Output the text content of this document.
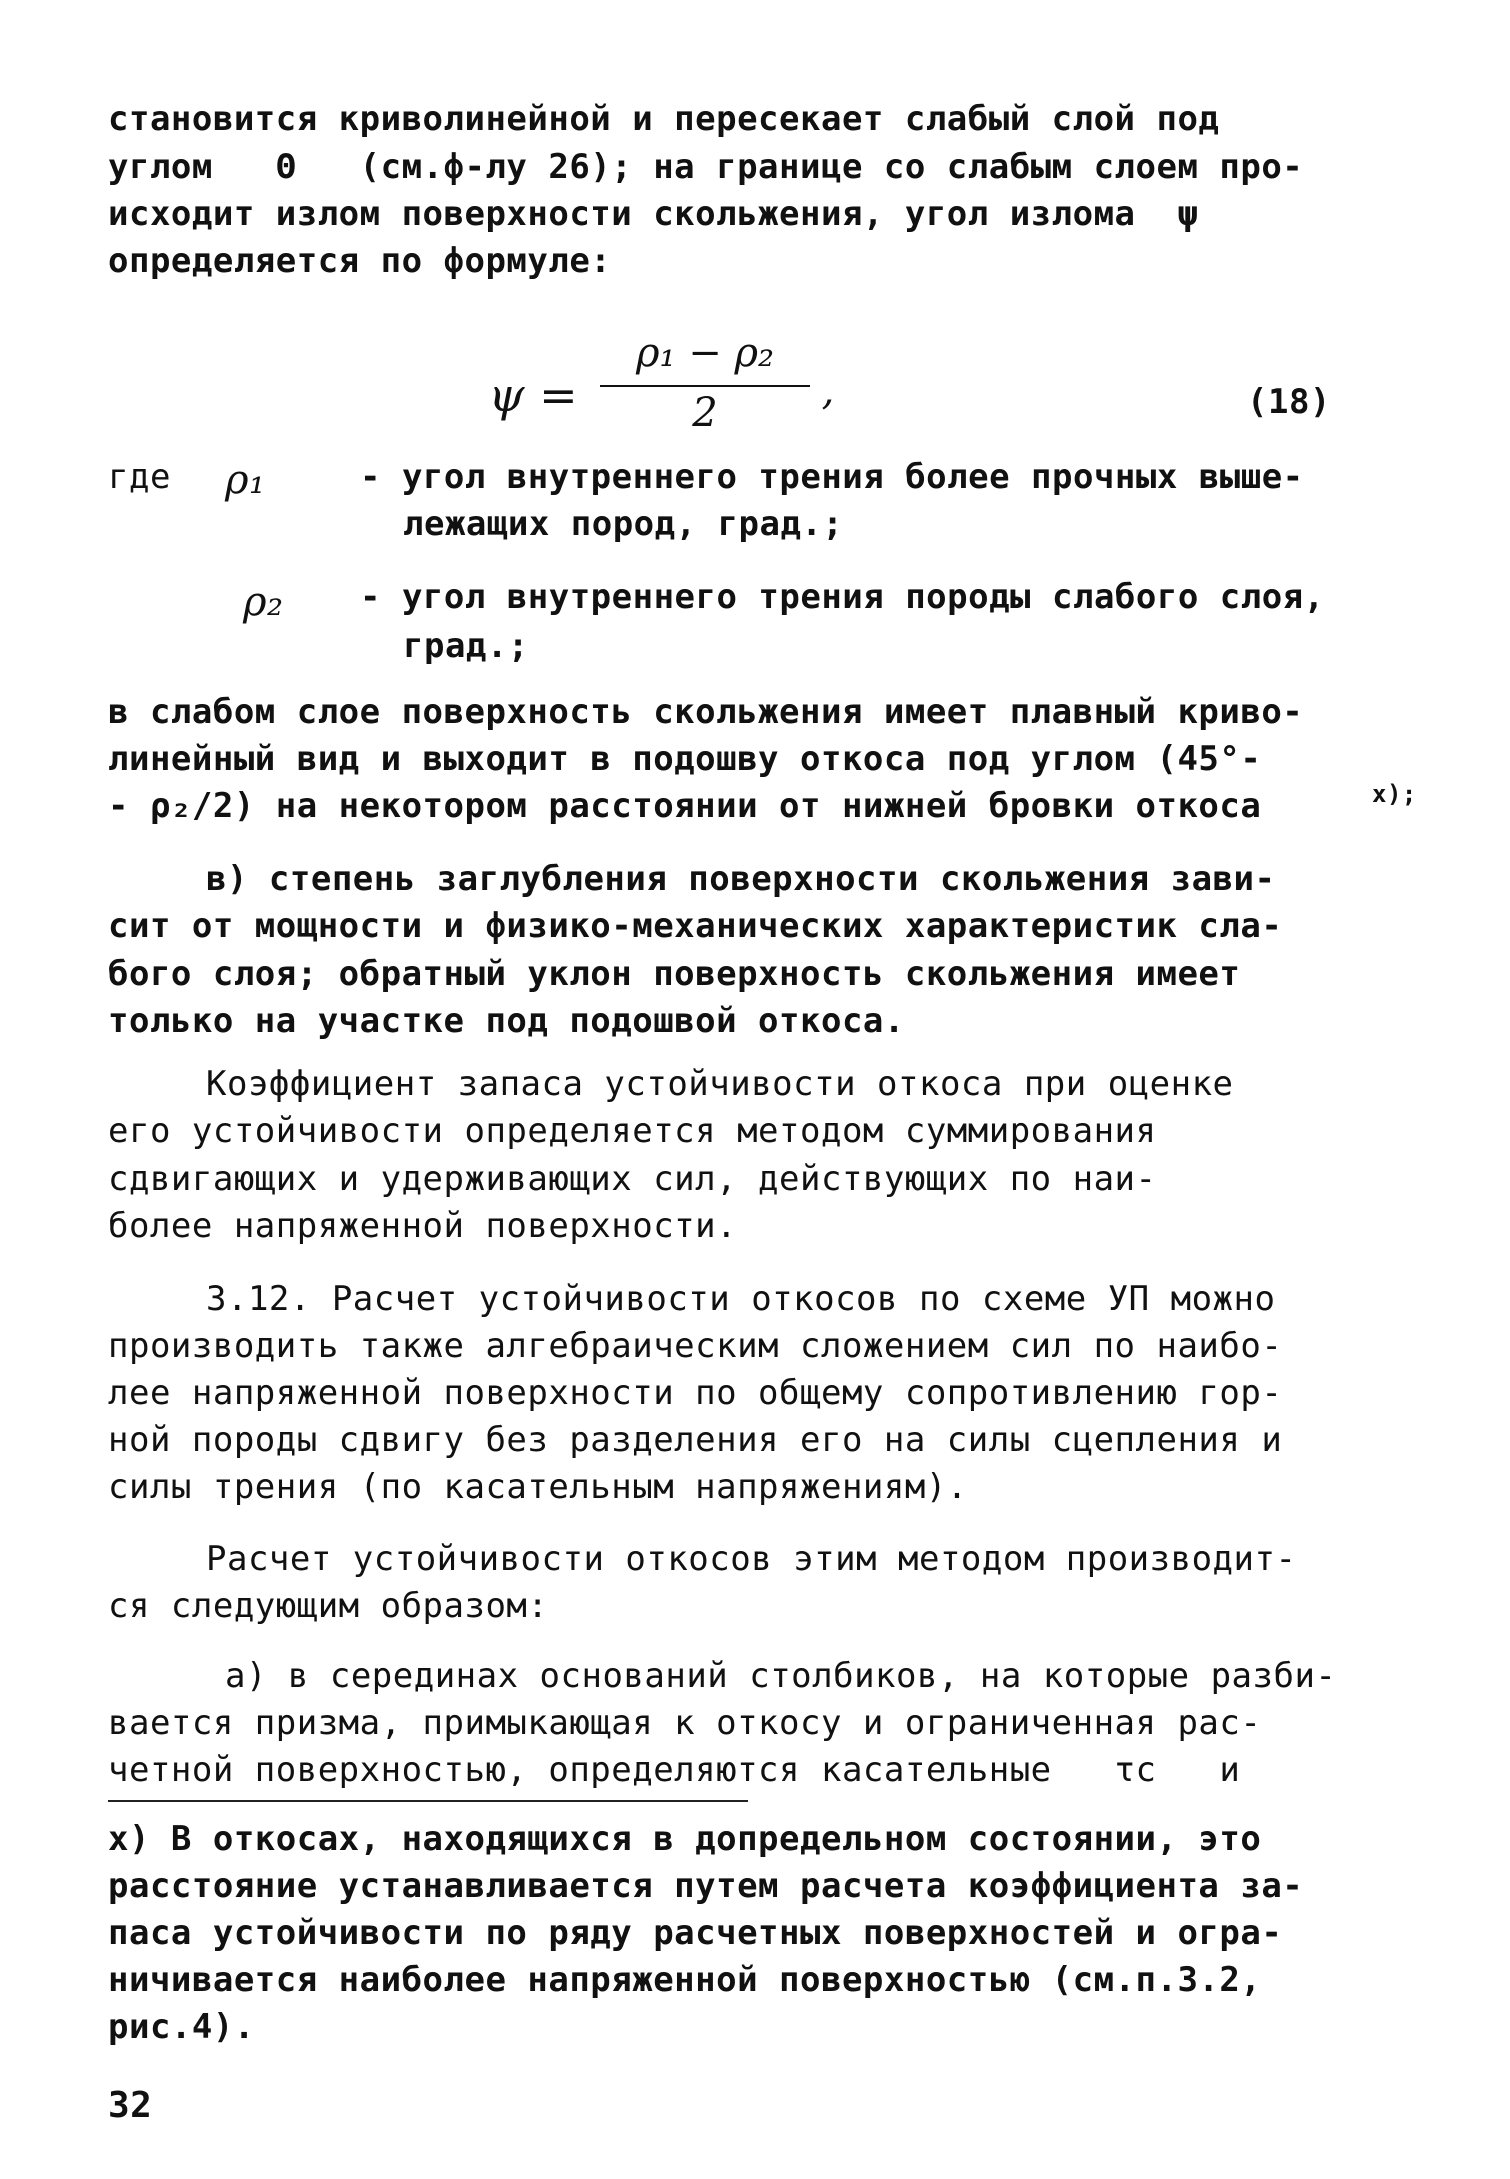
становится криволинейной и пересекает слабый слой под
углом   Θ   (см.ф-лу 26); на границе со слабым слоем про-
исходит излом поверхности скольжения, угол излома  ψ
определяется по формуле:
ψ =
ρ₁ − ρ₂
2	,	(18)
где ρ₁	- угол внутреннего трения более прочных выше-
лежащих пород, град.;
ρ₂ - угол внутреннего трения породы слабого слоя,
град.;
в слабом слое поверхность скольжения имеет плавный криво-
линейный вид и выходит в подошву откоса под углом (45°-
- ρ₂/2) на некотором расстоянии от нижней бровки откоса	x);
в) степень заглубления поверхности скольжения зави-
сит от мощности и физико-механических характеристик сла-
бого слоя; обратный уклон поверхность скольжения имеет
только на участке под подошвой откоса.
Коэффициент запаса устойчивости откоса при оценке
его устойчивости определяется методом суммирования
сдвигающих и удерживающих сил, действующих по наи-
более напряженной поверхности.
3.12. Расчет устойчивости откосов по схеме УП можно
производить также алгебраическим сложением сил по наибо-
лее напряженной поверхности по общему сопротивлению гор-
ной породы сдвигу без разделения его на силы сцепления и
силы трения (по касательным напряжениям).
Расчет устойчивости откосов этим методом производит-
ся следующим образом:
а) в серединах оснований столбиков, на которые разби-
вается призма, примыкающая к откосу и ограниченная рас-
четной поверхностью, определяются касательные   τс   и
x) В откосах, находящихся в допредельном состоянии, это
расстояние устанавливается путем расчета коэффициента за-
паса устойчивости по ряду расчетных поверхностей и огра-
ничивается наиболее напряженной поверхностью (см.п.3.2,
рис.4).
32
